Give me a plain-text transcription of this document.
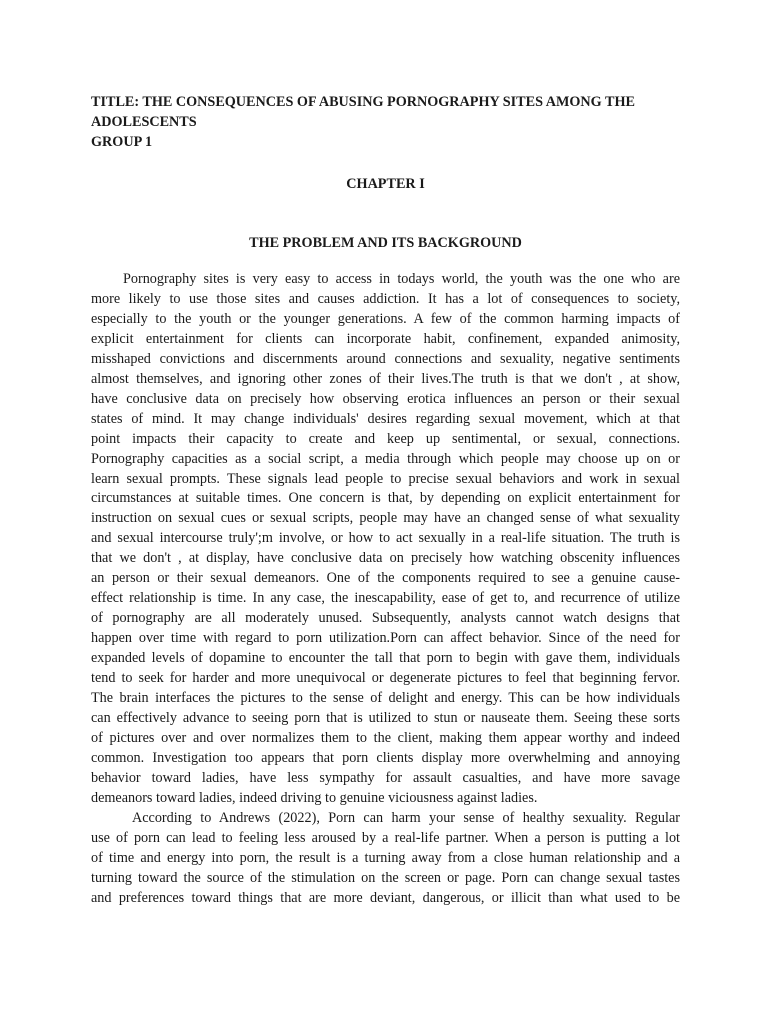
TITLE: THE CONSEQUENCES OF ABUSING PORNOGRAPHY SITES AMONG THE
ADOLESCENTS
GROUP 1
CHAPTER I
THE PROBLEM AND ITS BACKGROUND
Pornography sites is very easy to access in todays world, the youth was the one who are
more likely to use those sites and causes addiction. It has a lot of consequences to society,
especially to the youth or the younger generations. A few of the common harming impacts of
explicit entertainment for clients can incorporate habit, confinement, expanded animosity,
misshaped convictions and discernments around connections and sexuality, negative sentiments
almost themselves, and ignoring other zones of their lives.The truth is that we don't , at show,
have conclusive data on precisely how observing erotica influences an person or their sexual
states of mind. It may change individuals' desires regarding sexual movement, which at that
point impacts their capacity to create and keep up sentimental, or sexual, connections.
Pornography capacities as a social script, a media through which people may choose up on or
learn sexual prompts. These signals lead people to precise sexual behaviors and work in sexual
circumstances at suitable times. One concern is that, by depending on explicit entertainment for
instruction on sexual cues or sexual scripts, people may have an changed sense of what sexuality
and sexual intercourse truly';m involve, or how to act sexually in a real-life situation. The truth is
that we don't , at display, have conclusive data on precisely how watching obscenity influences
an person or their sexual demeanors. One of the components required to see a genuine cause-
effect relationship is time. In any case, the inescapability, ease of get to, and recurrence of utilize
of pornography are all moderately unused. Subsequently, analysts cannot watch designs that
happen over time with regard to porn utilization.Porn can affect behavior. Since of the need for
expanded levels of dopamine to encounter the tall that porn to begin with gave them, individuals
tend to seek for harder and more unequivocal or degenerate pictures to feel that beginning fervor.
The brain interfaces the pictures to the sense of delight and energy. This can be how individuals
can effectively advance to seeing porn that is utilized to stun or nauseate them. Seeing these sorts
of pictures over and over normalizes them to the client, making them appear worthy and indeed
common. Investigation too appears that porn clients display more overwhelming and annoying
behavior toward ladies, have less sympathy for assault casualties, and have more savage
demeanors toward ladies, indeed driving to genuine viciousness against ladies.
According to Andrews (2022), Porn can harm your sense of healthy sexuality. Regular
use of porn can lead to feeling less aroused by a real-life partner. When a person is putting a lot
of time and energy into porn, the result is a turning away from a close human relationship and a
turning toward the source of the stimulation on the screen or page. Porn can change sexual tastes
and preferences toward things that are more deviant, dangerous, or illicit than what used to be
